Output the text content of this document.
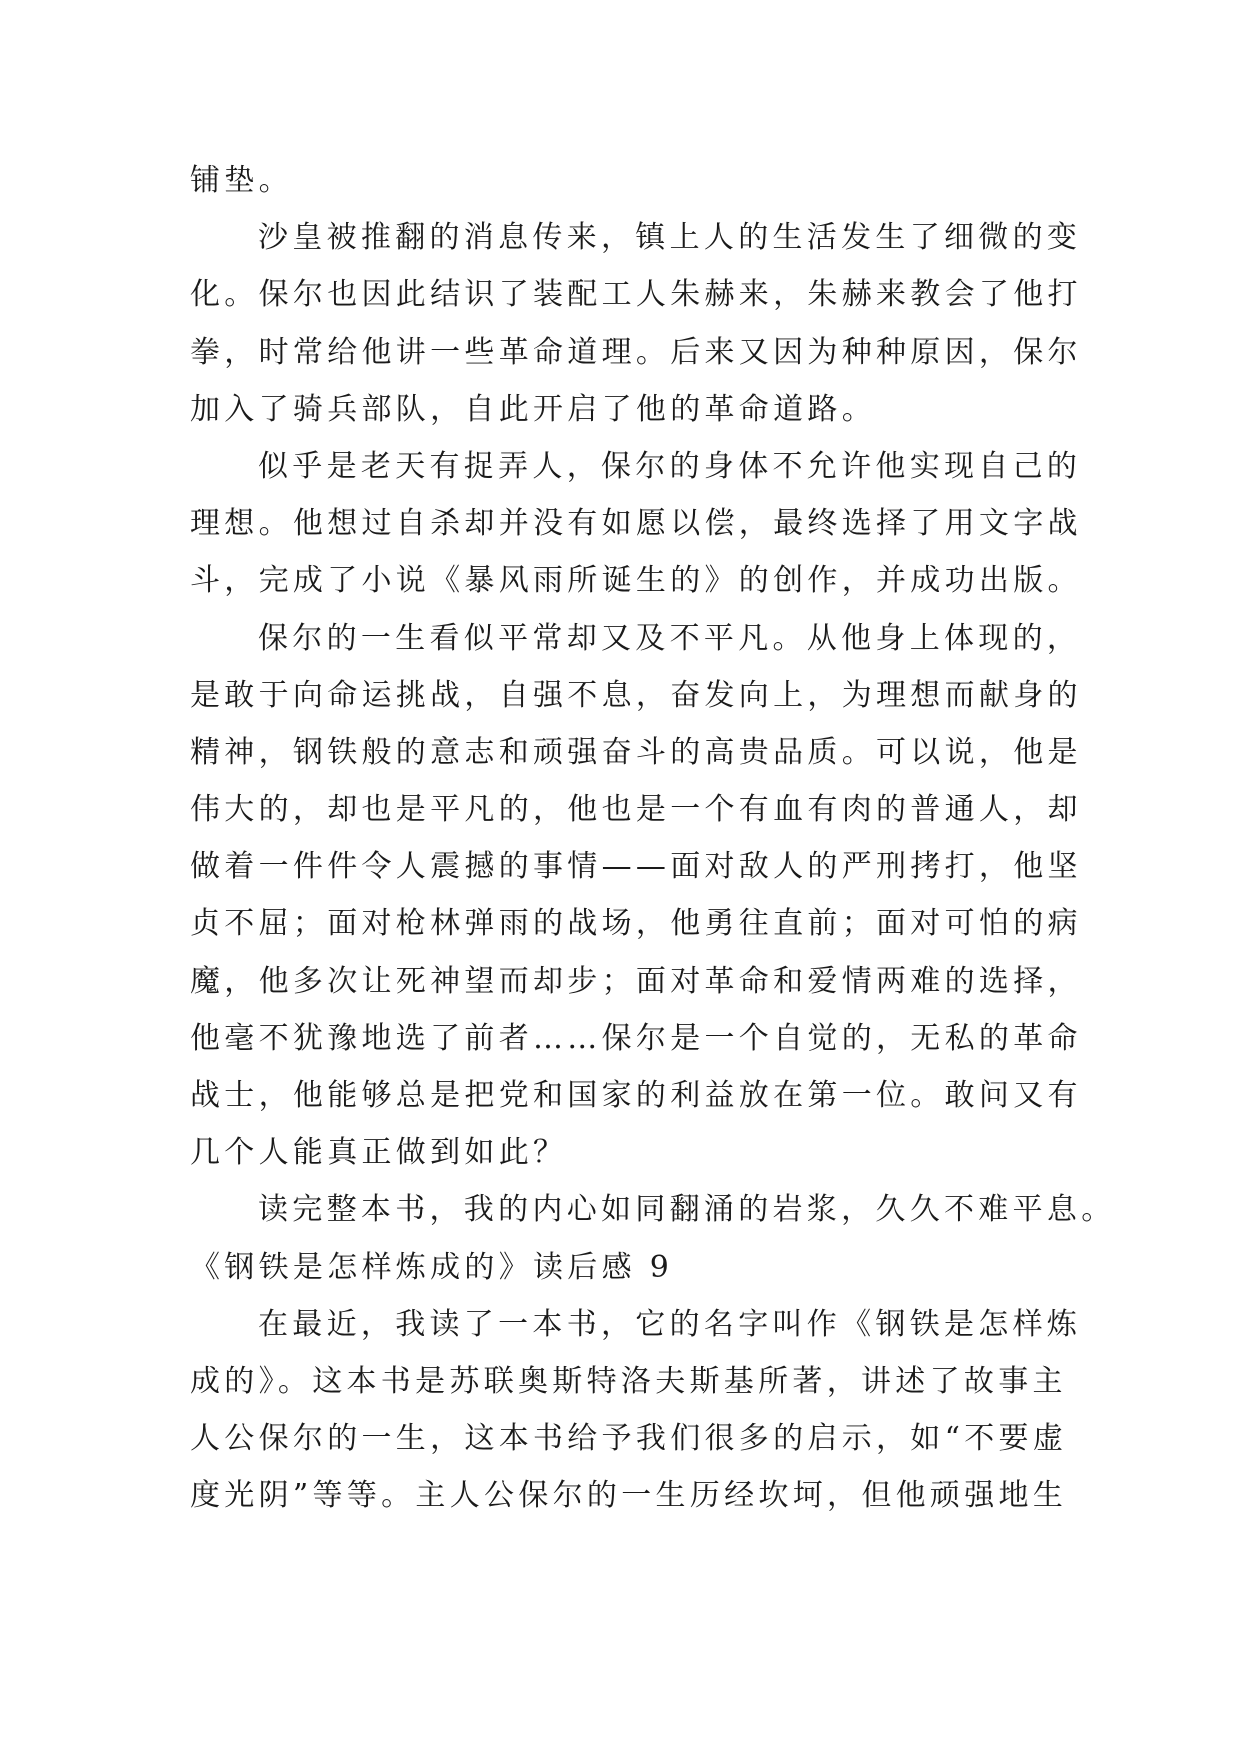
铺垫。
沙皇被推翻的消息传来，镇上人的生活发生了细微的变
化。保尔也因此结识了装配工人朱赫来，朱赫来教会了他打
拳，时常给他讲一些革命道理。后来又因为种种原因，保尔
加入了骑兵部队，自此开启了他的革命道路。
似乎是老天有捉弄人，保尔的身体不允许他实现自己的
理想。他想过自杀却并没有如愿以偿，最终选择了用文字战
斗，完成了小说《暴风雨所诞生的》的创作，并成功出版。
保尔的一生看似平常却又及不平凡。从他身上体现的，
是敢于向命运挑战，自强不息，奋发向上，为理想而献身的
精神，钢铁般的意志和顽强奋斗的高贵品质。可以说，他是
伟大的，却也是平凡的，他也是一个有血有肉的普通人，却
做着一件件令人震撼的事情——面对敌人的严刑拷打，他坚
贞不屈；面对枪林弹雨的战场，他勇往直前；面对可怕的病
魔，他多次让死神望而却步；面对革命和爱情两难的选择，
他毫不犹豫地选了前者……保尔是一个自觉的，无私的革命
战士，他能够总是把党和国家的利益放在第一位。敢问又有
几个人能真正做到如此？
读完整本书，我的内心如同翻涌的岩浆，久久不难平息。
《钢铁是怎样炼成的》读后感 9
在最近，我读了一本书，它的名字叫作《钢铁是怎样炼
成的》。这本书是苏联奥斯特洛夫斯基所著，讲述了故事主
人公保尔的一生，这本书给予我们很多的启示，如“不要虚
度光阴”等等。主人公保尔的一生历经坎坷，但他顽强地生
